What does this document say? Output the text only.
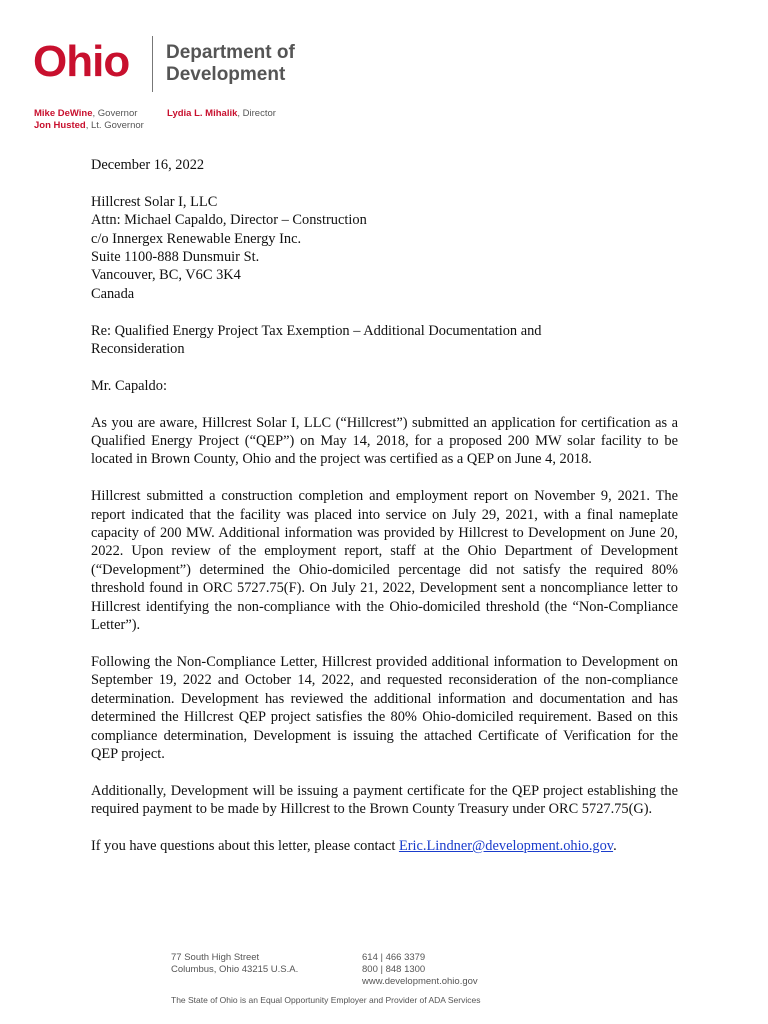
Ohio Department of
Development
Mike DeWine, Governor
Jon Husted, Lt. Governor
Lydia L. Mihalik, Director

December 16, 2022

Hillcrest Solar I, LLC
Attn: Michael Capaldo, Director – Construction
c/o Innergex Renewable Energy Inc.
Suite 1100-888 Dunsmuir St.
Vancouver, BC, V6C 3K4
Canada

Re: Qualified Energy Project Tax Exemption – Additional Documentation and
Reconsideration

Mr. Capaldo:

As you are aware, Hillcrest Solar I, LLC (“Hillcrest”) submitted an application for certification as a Qualified Energy Project (“QEP”) on May 14, 2018, for a proposed 200 MW solar facility to be located in Brown County, Ohio and the project was certified as a QEP on June 4, 2018.

Hillcrest submitted a construction completion and employment report on November 9, 2021. The report indicated that the facility was placed into service on July 29, 2021, with a final nameplate capacity of 200 MW. Additional information was provided by Hillcrest to Development on June 20, 2022. Upon review of the employment report, staff at the Ohio Department of Development (“Development”) determined the Ohio-domiciled percentage did not satisfy the required 80% threshold found in ORC 5727.75(F). On July 21, 2022, Development sent a noncompliance letter to Hillcrest identifying the non-compliance with the Ohio-domiciled threshold (the “Non-Compliance Letter”).

Following the Non-Compliance Letter, Hillcrest provided additional information to Development on September 19, 2022 and October 14, 2022, and requested reconsideration of the non-compliance determination. Development has reviewed the additional information and documentation and has determined the Hillcrest QEP project satisfies the 80% Ohio-domiciled requirement. Based on this compliance determination, Development is issuing the attached Certificate of Verification for the QEP project.

Additionally, Development will be issuing a payment certificate for the QEP project establishing the required payment to be made by Hillcrest to the Brown County Treasury under ORC 5727.75(G).

If you have questions about this letter, please contact Eric.Lindner@development.ohio.gov.

77 South High Street
Columbus, Ohio 43215 U.S.A.
614 | 466 3379
800 | 848 1300
www.development.ohio.gov
The State of Ohio is an Equal Opportunity Employer and Provider of ADA Services
